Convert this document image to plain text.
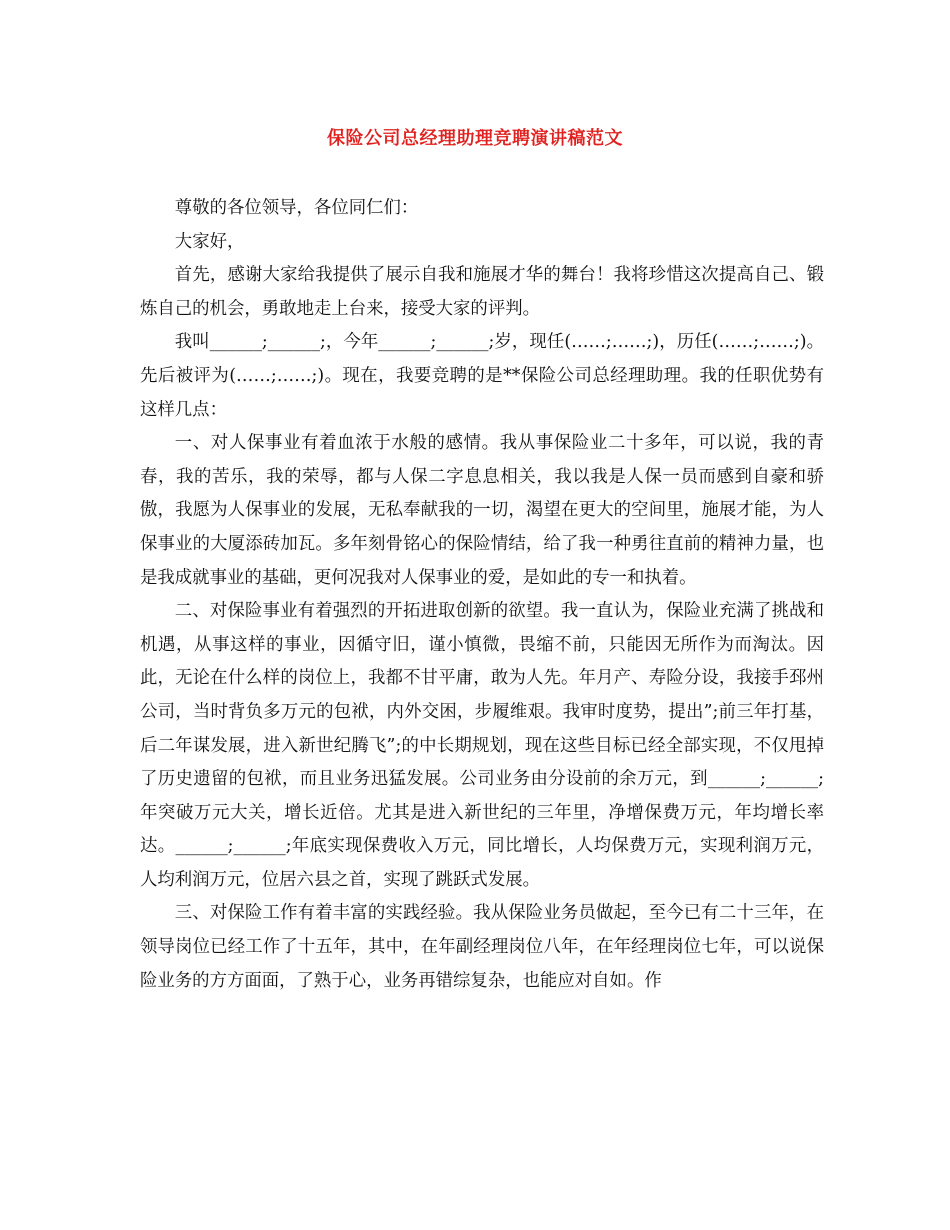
保险公司总经理助理竞聘演讲稿范文

尊敬的各位领导，各位同仁们：

大家好，

首先，感谢大家给我提供了展示自我和施展才华的舞台！我将珍惜这次提高自己、锻炼自己的机会，勇敢地走上台来，接受大家的评判。

我叫______;______;，今年______;______;岁，现任(……;……;)，历任(……;……;)。先后被评为(……;……;)。现在，我要竞聘的是**保险公司总经理助理。我的任职优势有这样几点：

一、对人保事业有着血浓于水般的感情。我从事保险业二十多年，可以说，我的青春，我的苦乐，我的荣辱，都与人保二字息息相关，我以我是人保一员而感到自豪和骄傲，我愿为人保事业的发展，无私奉献我的一切，渴望在更大的空间里，施展才能，为人保事业的大厦添砖加瓦。多年刻骨铭心的保险情结，给了我一种勇往直前的精神力量，也是我成就事业的基础，更何况我对人保事业的爱，是如此的专一和执着。

二、对保险事业有着强烈的开拓进取创新的欲望。我一直认为，保险业充满了挑战和机遇，从事这样的事业，因循守旧，谨小慎微，畏缩不前，只能因无所作为而淘汰。因此，无论在什么样的岗位上，我都不甘平庸，敢为人先。年月产、寿险分设，我接手邳州公司，当时背负多万元的包袱，内外交困，步履维艰。我审时度势，提出”;前三年打基，后二年谋发展，进入新世纪腾飞”;的中长期规划，现在这些目标已经全部实现，不仅甩掉了历史遗留的包袱，而且业务迅猛发展。公司业务由分设前的余万元，到______;______;年突破万元大关，增长近倍。尤其是进入新世纪的三年里，净增保费万元，年均增长率达。______;______;年底实现保费收入万元，同比增长，人均保费万元，实现利润万元，人均利润万元，位居六县之首，实现了跳跃式发展。

三、对保险工作有着丰富的实践经验。我从保险业务员做起，至今已有二十三年，在领导岗位已经工作了十五年，其中，在年副经理岗位八年，在年经理岗位七年，可以说保险业务的方方面面，了熟于心，业务再错综复杂，也能应对自如。作
